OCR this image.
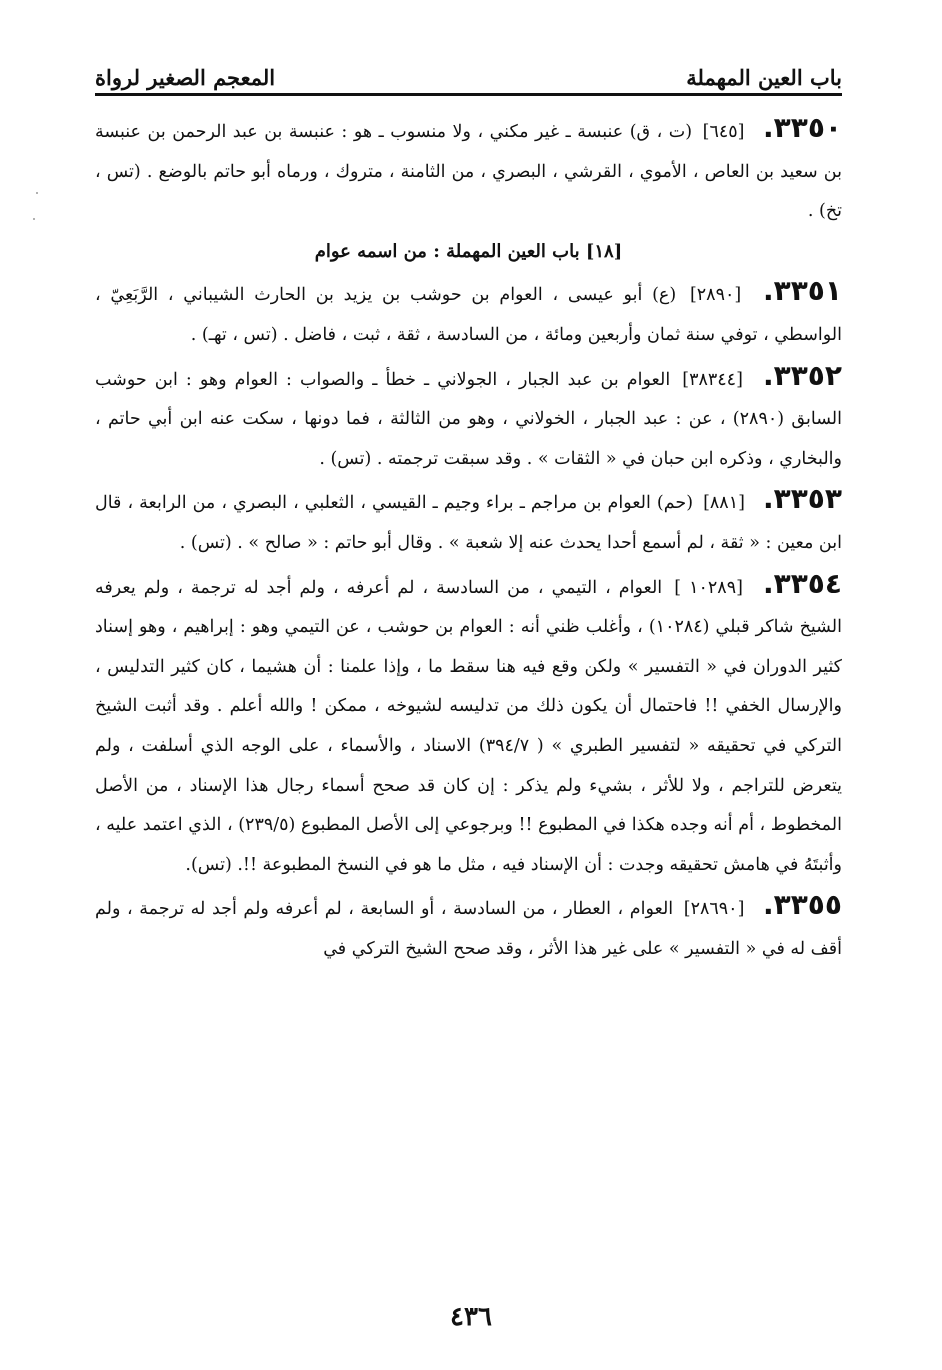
باب العين المهملة
المعجم الصغير لرواة

٣٣٥٠. [٦٤٥] (ت ، ق) عنبسة ـ غير مكني ، ولا منسوب ـ هو : عنبسة بن عبد الرحمن بن عنبسة بن سعيد بن العاص ، الأموي ، القرشي ، البصري ، من الثامنة ، متروك ، ورماه أبو حاتم بالوضع . (تس ، تخ) .

[١٨] باب العين المهملة : من اسمه عوام

٣٣٥١. [٢٨٩٠] (ع) أبو عيسى ، العوام بن حوشب بن يزيد بن الحارث الشيباني ، الرَّبَعِيّ ، الواسطي ، توفي سنة ثمان وأربعين ومائة ، من السادسة ، ثقة ، ثبت ، فاضل . (تس ، تهـ) .

٣٣٥٢. [٣٨٣٤٤] العوام بن عبد الجبار ، الجولاني ـ خطأ ـ والصواب : العوام وهو : ابن حوشب السابق (٢٨٩٠) ، عن : عبد الجبار ، الخولاني ، وهو من الثالثة ، فما دونها ، سكت عنه ابن أبي حاتم ، والبخاري ، وذكره ابن حبان في « الثقات » . وقد سبقت ترجمته . (تس) .

٣٣٥٣. [٨٨١] (حم) العوام بن مراجم ـ براء وجيم ـ القيسي ، الثعلبي ، البصري ، من الرابعة ، قال ابن معين : « ثقة ، لم أسمع أحدا يحدث عنه إلا شعبة » . وقال أبو حاتم : « صالح » . (تس) .

٣٣٥٤. [١٠٢٨٩ ] العوام ، التيمي ، من السادسة ، لم أعرفه ، ولم أجد له ترجمة ، ولم يعرفه الشيخ شاكر قبلي (١٠٢٨٤) ، وأغلب ظني أنه : العوام بن حوشب ، عن التيمي وهو : إبراهيم ، وهو إسناد كثير الدوران في « التفسير » ولكن وقع فيه هنا سقط ما ، وإذا علمنا : أن هشيما ، كان كثير التدليس ، والإرسال الخفي !! فاحتمال أن يكون ذلك من تدليسه لشيوخه ، ممكن ! والله أعلم . وقد أثبت الشيخ التركي في تحقيقه « لتفسير الطبري » ( ٣٩٤/٧) الاسناد ، والأسماء ، على الوجه الذي أسلفت ، ولم يتعرض للتراجم ، ولا للأثر ، بشيء ولم يذكر : إن كان قد صحح أسماء رجال هذا الإسناد ، من الأصل المخطوط ، أم أنه وجده هكذا في المطبوع !! وبرجوعي إلى الأصل المطبوع (٢٣٩/٥) ، الذي اعتمد عليه ، وأثبتَهُ في هامش تحقيقه وجدت : أن الإسناد فيه ، مثل ما هو في النسخ المطبوعة !!. (تس).

٣٣٥٥. [٢٨٦٩٠] العوام ، العطار ، من السادسة ، أو السابعة ، لم أعرفه ولم أجد له ترجمة ، ولم أقف له في « التفسير » على غير هذا الأثر ، وقد صحح الشيخ التركي في

٤٣٦
